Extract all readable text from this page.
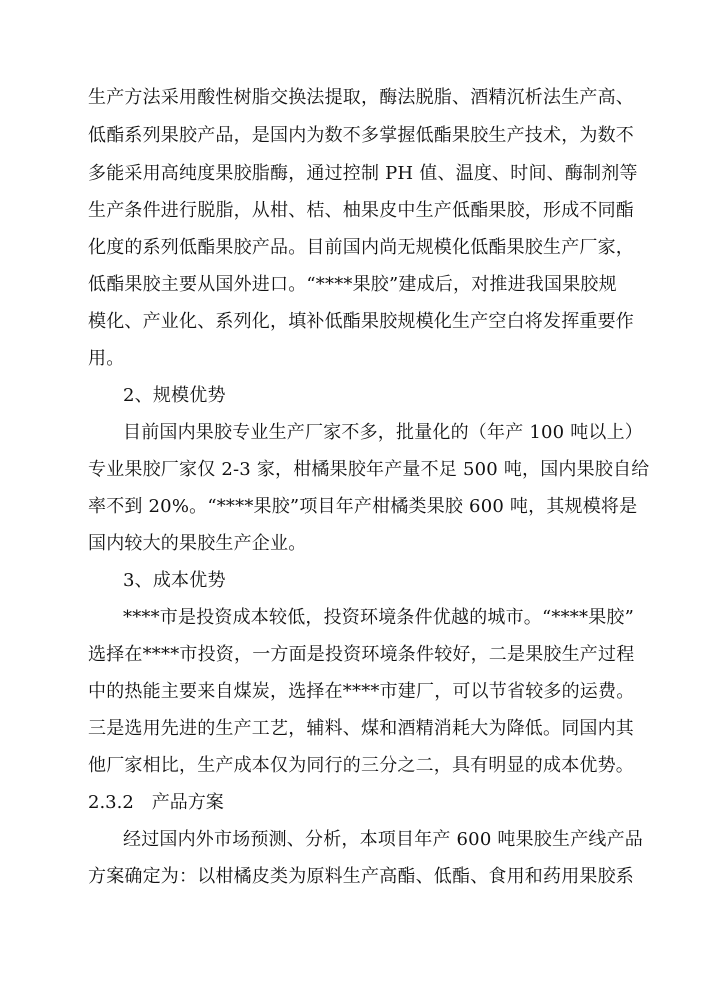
生产方法采用酸性树脂交换法提取，酶法脱脂、酒精沉析法生产高、
低酯系列果胶产品，是国内为数不多掌握低酯果胶生产技术，为数不
多能采用高纯度果胶脂酶，通过控制 PH 值、温度、时间、酶制剂等
生产条件进行脱脂，从柑、桔、柚果皮中生产低酯果胶，形成不同酯
化度的系列低酯果胶产品。目前国内尚无规模化低酯果胶生产厂家，
低酯果胶主要从国外进口。“****果胶”建成后，对推进我国果胶规
模化、产业化、系列化，填补低酯果胶规模化生产空白将发挥重要作
用。
2、规模优势
目前国内果胶专业生产厂家不多，批量化的（年产 100 吨以上）
专业果胶厂家仅 2-3 家，柑橘果胶年产量不足 500 吨，国内果胶自给
率不到 20%。“****果胶”项目年产柑橘类果胶 600 吨，其规模将是
国内较大的果胶生产企业。
3、成本优势
****市是投资成本较低，投资环境条件优越的城市。“****果胶”
选择在****市投资，一方面是投资环境条件较好，二是果胶生产过程
中的热能主要来自煤炭，选择在****市建厂，可以节省较多的运费。
三是选用先进的生产工艺，辅料、煤和酒精消耗大为降低。同国内其
他厂家相比，生产成本仅为同行的三分之二，具有明显的成本优势。
2.3.2　产品方案
经过国内外市场预测、分析，本项目年产 600 吨果胶生产线产品
方案确定为：以柑橘皮类为原料生产高酯、低酯、食用和药用果胶系
